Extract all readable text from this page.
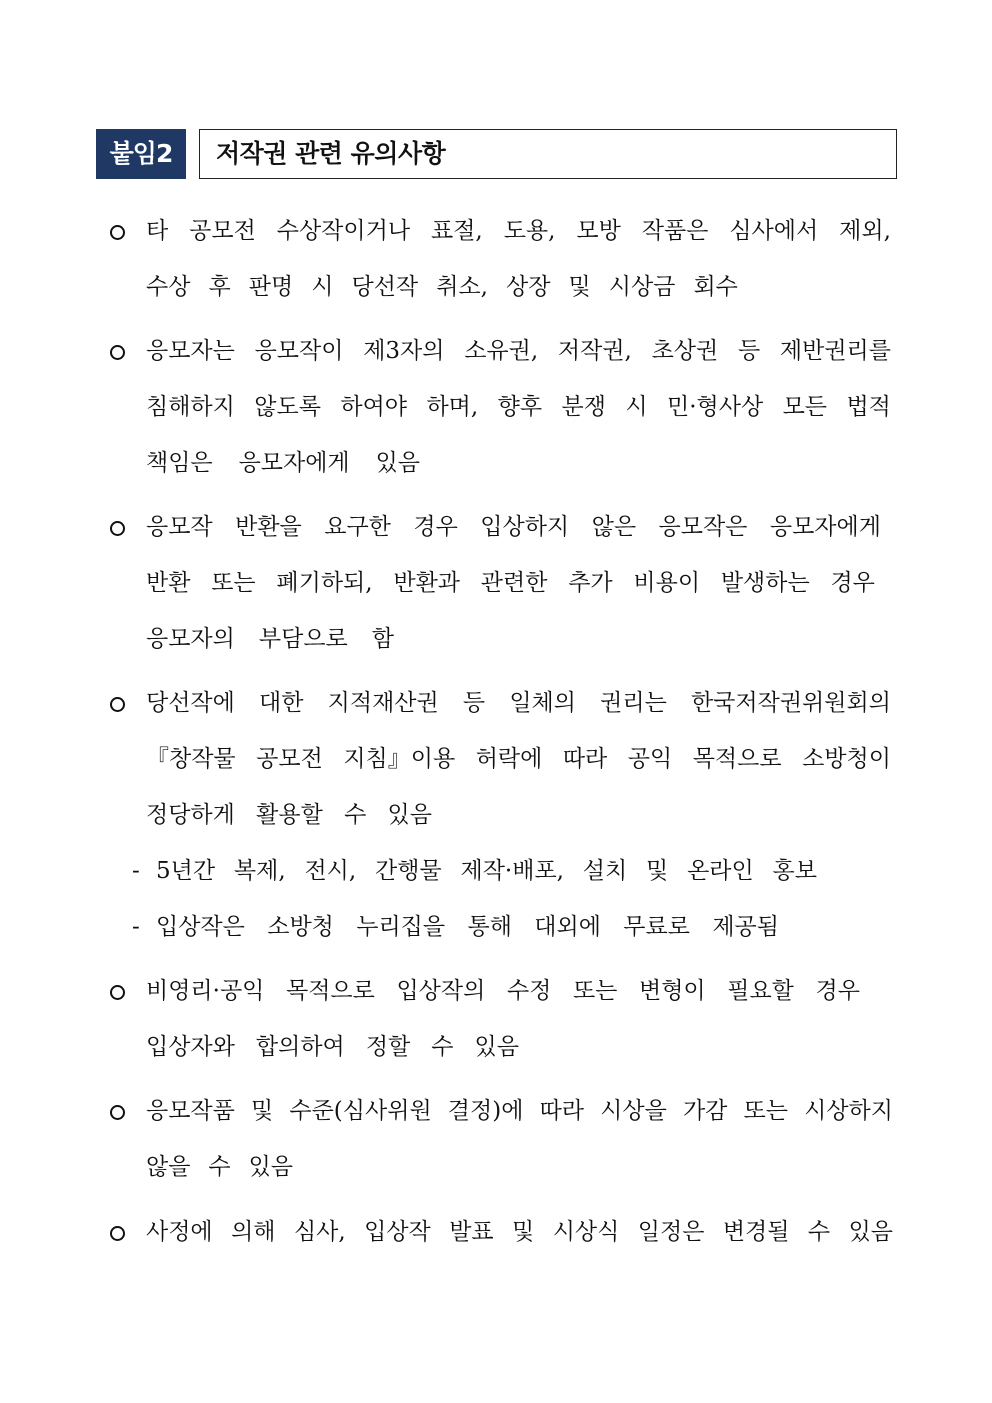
붙임2	저작권 관련 유의사항
타 공모전 수상작이거나 표절, 도용, 모방 작품은 심사에서 제외,
수상 후 판명 시 당선작 취소, 상장 및 시상금 회수
응모자는 응모작이 제3자의 소유권, 저작권, 초상권 등 제반권리를
침해하지 않도록 하여야 하며, 향후 분쟁 시 민·형사상 모든 법적
책임은 응모자에게 있음
응모작 반환을 요구한 경우 입상하지 않은 응모작은 응모자에게
반환 또는 폐기하되, 반환과 관련한 추가 비용이 발생하는 경우
응모자의 부담으로 함
당선작에 대한 지적재산권 등 일체의 권리는 한국저작권위원회의
『창작물 공모전 지침』이용 허락에 따라 공익 목적으로 소방청이
정당하게 활용할 수 있음
- 5년간 복제, 전시, 간행물 제작·배포, 설치 및 온라인 홍보
- 입상작은 소방청 누리집을 통해 대외에 무료로 제공됨
비영리·공익 목적으로 입상작의 수정 또는 변형이 필요할 경우
입상자와 합의하여 정할 수 있음
응모작품 및 수준(심사위원 결정)에 따라 시상을 가감 또는 시상하지
않을 수 있음
사정에 의해 심사, 입상작 발표 및 시상식 일정은 변경될 수 있음
